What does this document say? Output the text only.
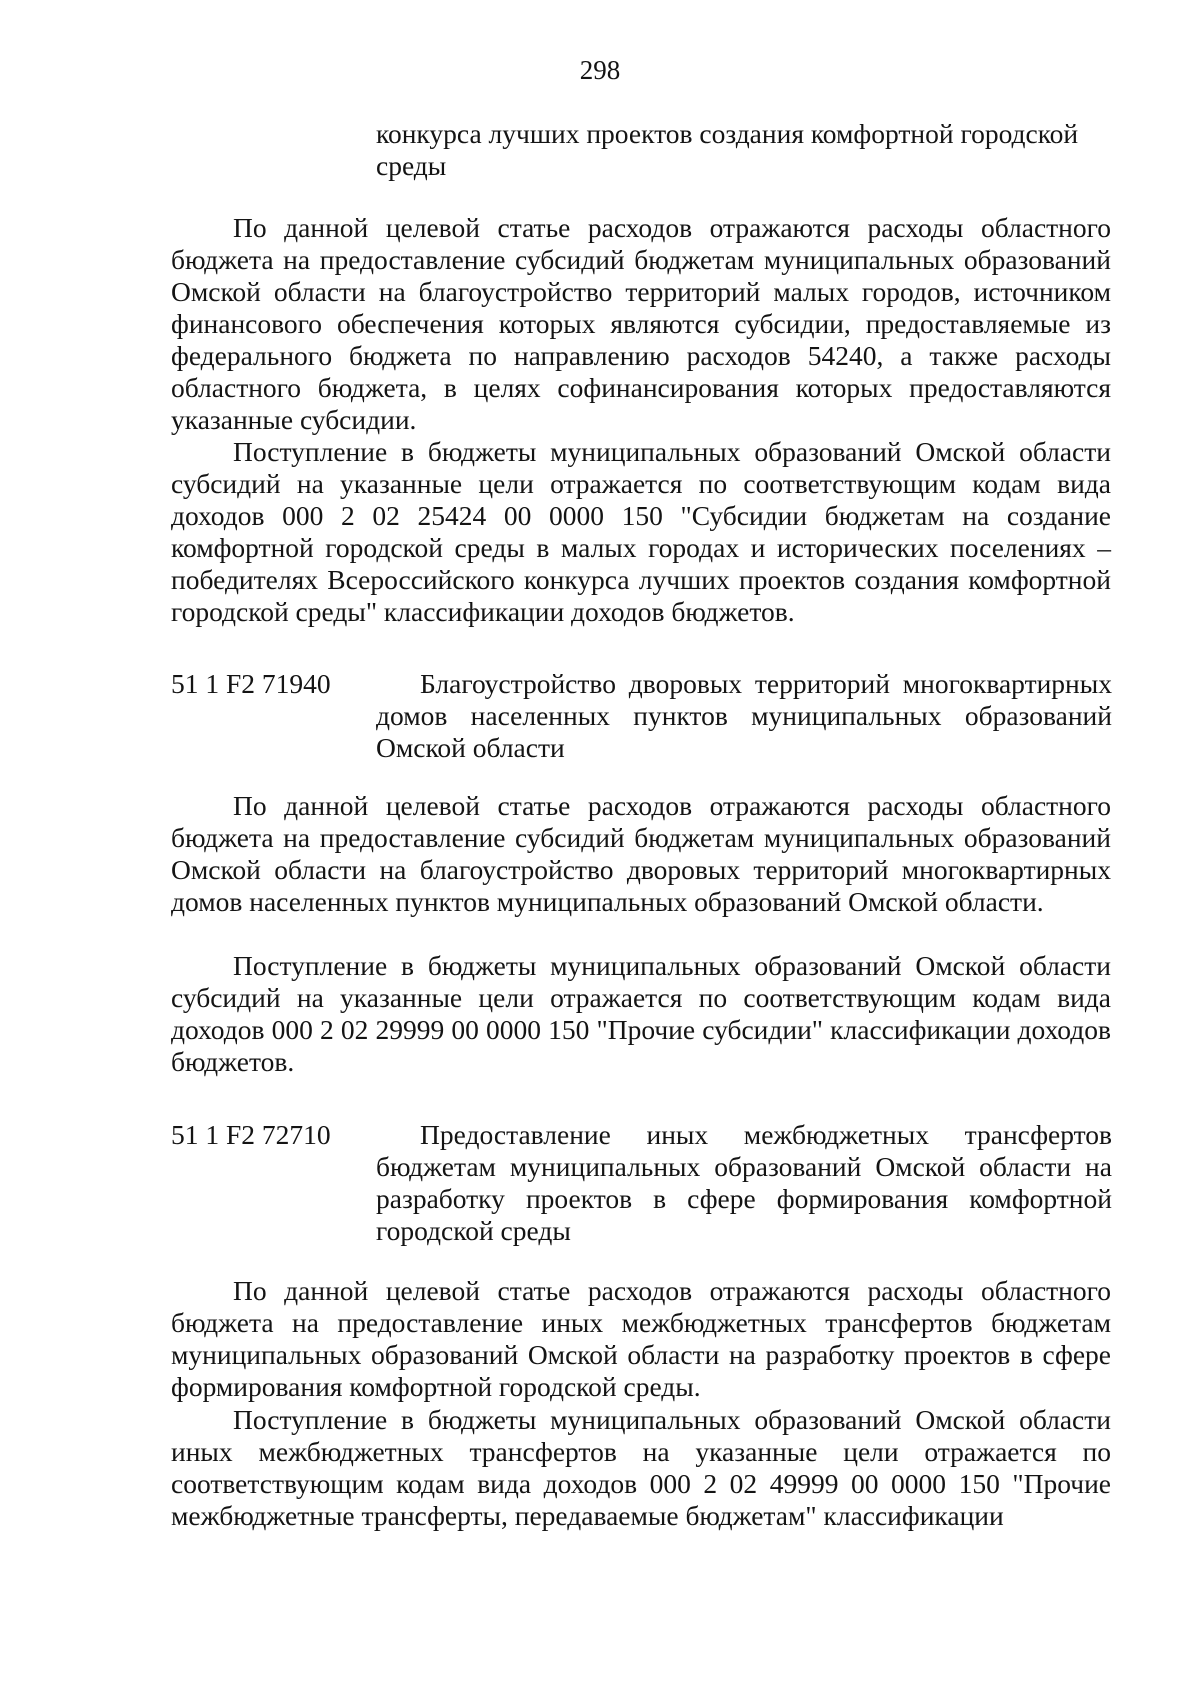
298
конкурса лучших проектов создания комфортной городской среды
По данной целевой статье расходов отражаются расходы областного бюджета на предоставление субсидий бюджетам муниципальных образований Омской области на благоустройство территорий малых городов, источником финансового обеспечения которых являются субсидии, предоставляемые из федерального бюджета по направлению расходов 54240, а также расходы областного бюджета, в целях софинансирования которых предоставляются указанные субсидии.
Поступление в бюджеты муниципальных образований Омской области субсидий на указанные цели отражается по соответствующим кодам вида доходов 000 2 02 25424 00 0000 150 "Субсидии бюджетам на создание комфортной городской среды в малых городах и исторических поселениях – победителях Всероссийского конкурса лучших проектов создания комфортной городской среды" классификации доходов бюджетов.
51 1 F2 71940	Благоустройство дворовых территорий многоквартирных домов населенных пунктов муниципальных образований Омской области
По данной целевой статье расходов отражаются расходы областного бюджета на предоставление субсидий бюджетам муниципальных образований Омской области на благоустройство дворовых территорий многоквартирных домов населенных пунктов муниципальных образований Омской области.
Поступление в бюджеты муниципальных образований Омской области субсидий на указанные цели отражается по соответствующим кодам вида доходов 000 2 02 29999 00 0000 150 "Прочие субсидии" классификации доходов бюджетов.
51 1 F2 72710	Предоставление иных межбюджетных трансфертов бюджетам муниципальных образований Омской области на разработку проектов в сфере формирования комфортной городской среды
По данной целевой статье расходов отражаются расходы областного бюджета на предоставление иных межбюджетных трансфертов бюджетам муниципальных образований Омской области на разработку проектов в сфере формирования комфортной городской среды.
Поступление в бюджеты муниципальных образований Омской области иных межбюджетных трансфертов на указанные цели отражается по соответствующим кодам вида доходов 000 2 02 49999 00 0000 150 "Прочие межбюджетные трансферты, передаваемые бюджетам" классификации
